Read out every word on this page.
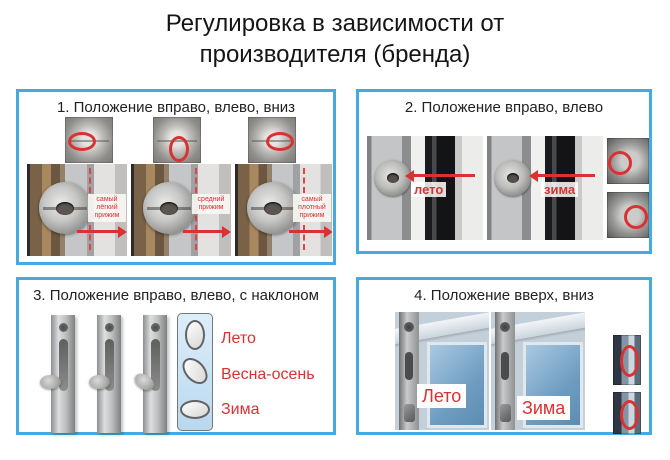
Регулировка в зависимости от
производителя (бренда)
1. Положение вправо, влево, вниз
самый лёгкий прижим
средний прижим
самый плотный прижим
2. Положение вправо, влево
лето	зима
3. Положение вправо, влево, с наклоном
Лето
Весна-осень
Зима
4. Положение вверх, вниз
Лето
Зима
